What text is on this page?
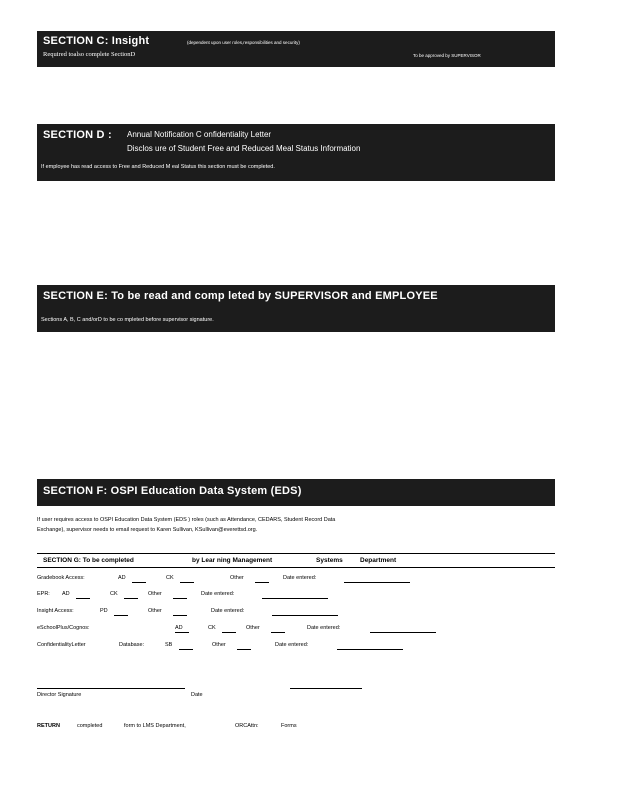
SECTION C: Insight	(dependent upon user roles,responsibilities and security)
Required toalso complete SectionD	To be approved by SUPERVISOR
SECTION D : Annual Notification C onfidentiality Letter
Disclos ure of Student Free and Reduced Meal Status Information
If employee has read access to Free and Reduced M eal Status this section must be completed.
SECTION E: To be read and comp leted by SUPERVISOR and EMPLOYEE
Sections A, B, C and/orD to be co mpleted before supervisor signature.
SECTION F: OSPI Education Data System (EDS)
If user requires access to OSPI Education Data System (EDS ) roles (such as Attendance, CEDARS, Student Record Data
Exchange), supervisor needs to email request to Karen Sullivan, KSullivan@everettsd.org.
SECTION G: To be completed	by Lear ning Management	Systems	Department
Gradebook Access:	AD	CK	Other	Date entered:
EPR: AD	CK	Other	Date entered:
Insight Access:	PD	Other	Date entered:
eSchoolPlus/Cognos:	AD	CK	Other	Date entered:
ConfidentialityLetter	Database:	SB	Other	Date entered:
Director Signature	Date
RETURN	completed	form to LMS Department,	ORCAttn:	Forms
